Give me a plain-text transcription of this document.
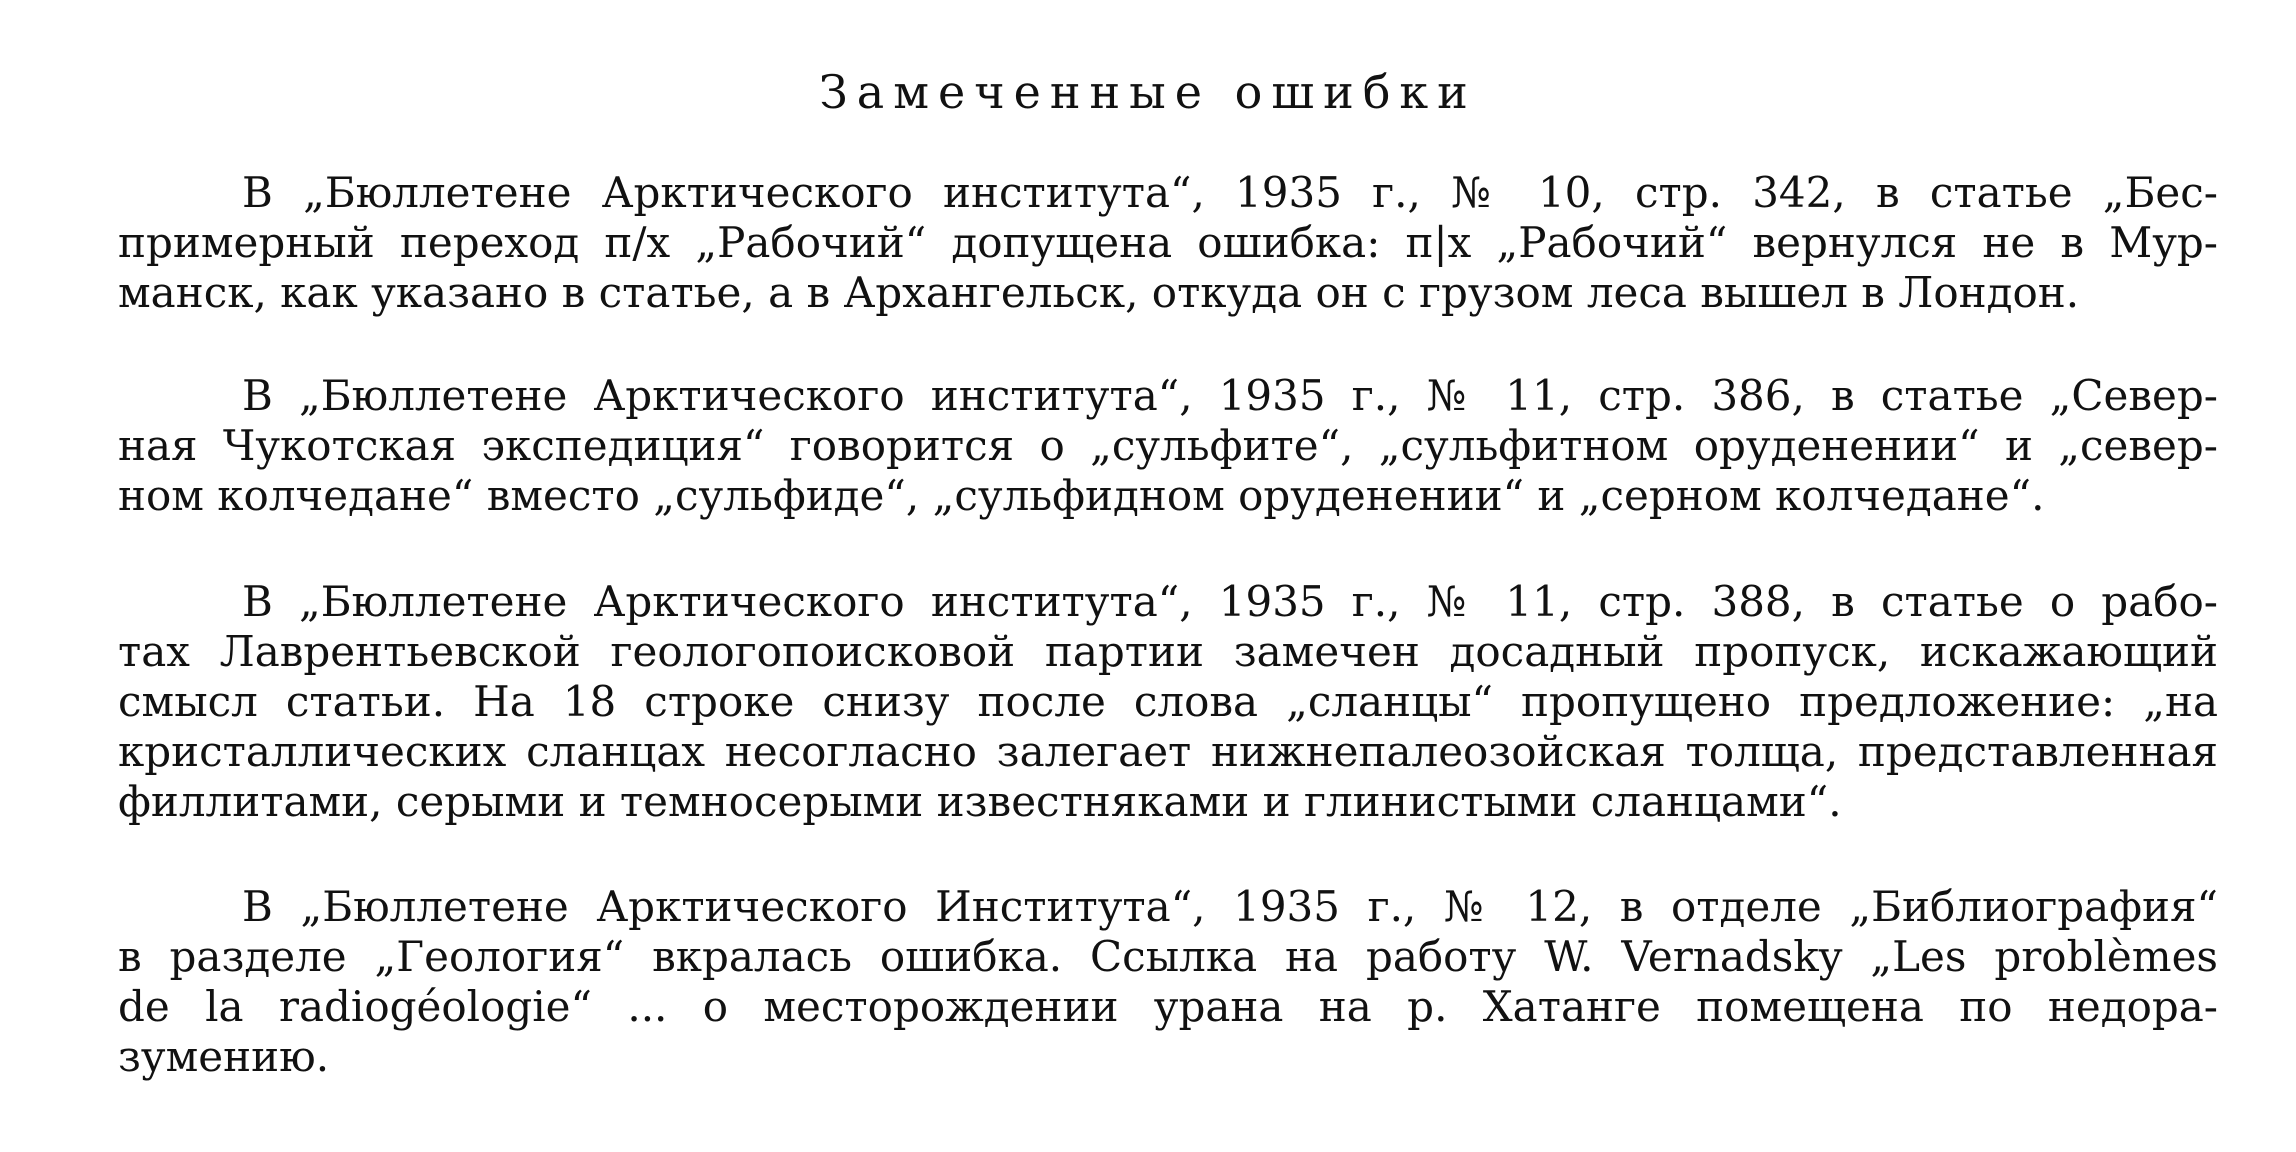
Замеченные ошибки
В „Бюллетене Арктического института“, 1935 г., № 10, стр. 342, в статье „Бес-
примерный переход п/х „Рабочий“ допущена ошибка: п|х „Рабочий“ вернулся не в Мур-
манск, как указано в статье, а в Архангельск, откуда он с грузом леса вышел в Лондон.
В „Бюллетене Арктического института“, 1935 г., № 11, стр. 386, в статье „Север-
ная Чукотская экспедиция“ говорится о „сульфите“, „сульфитном оруденении“ и „север-
ном колчедане“ вместо „сульфиде“, „сульфидном оруденении“ и „серном колчедане“.
В „Бюллетене Арктического института“, 1935 г., № 11, стр. 388, в статье о рабо-
тах Лаврентьевской геологопоисковой партии замечен досадный пропуск, искажающий
смысл статьи. На 18 строке снизу после слова „сланцы“ пропущено предложение: „на
кристаллических сланцах несогласно залегает нижнепалеозойская толща, представленная
филлитами, серыми и темносерыми известняками и глинистыми сланцами“.
В „Бюллетене Арктического Института“, 1935 г., № 12, в отделе „Библиография“
в разделе „Геология“ вкралась ошибка. Ссылка на работу W. Vernadsky „Les problèmes
de la radiogéologie“ ... о месторождении урана на р. Хатанге помещена по недора-
зумению.
